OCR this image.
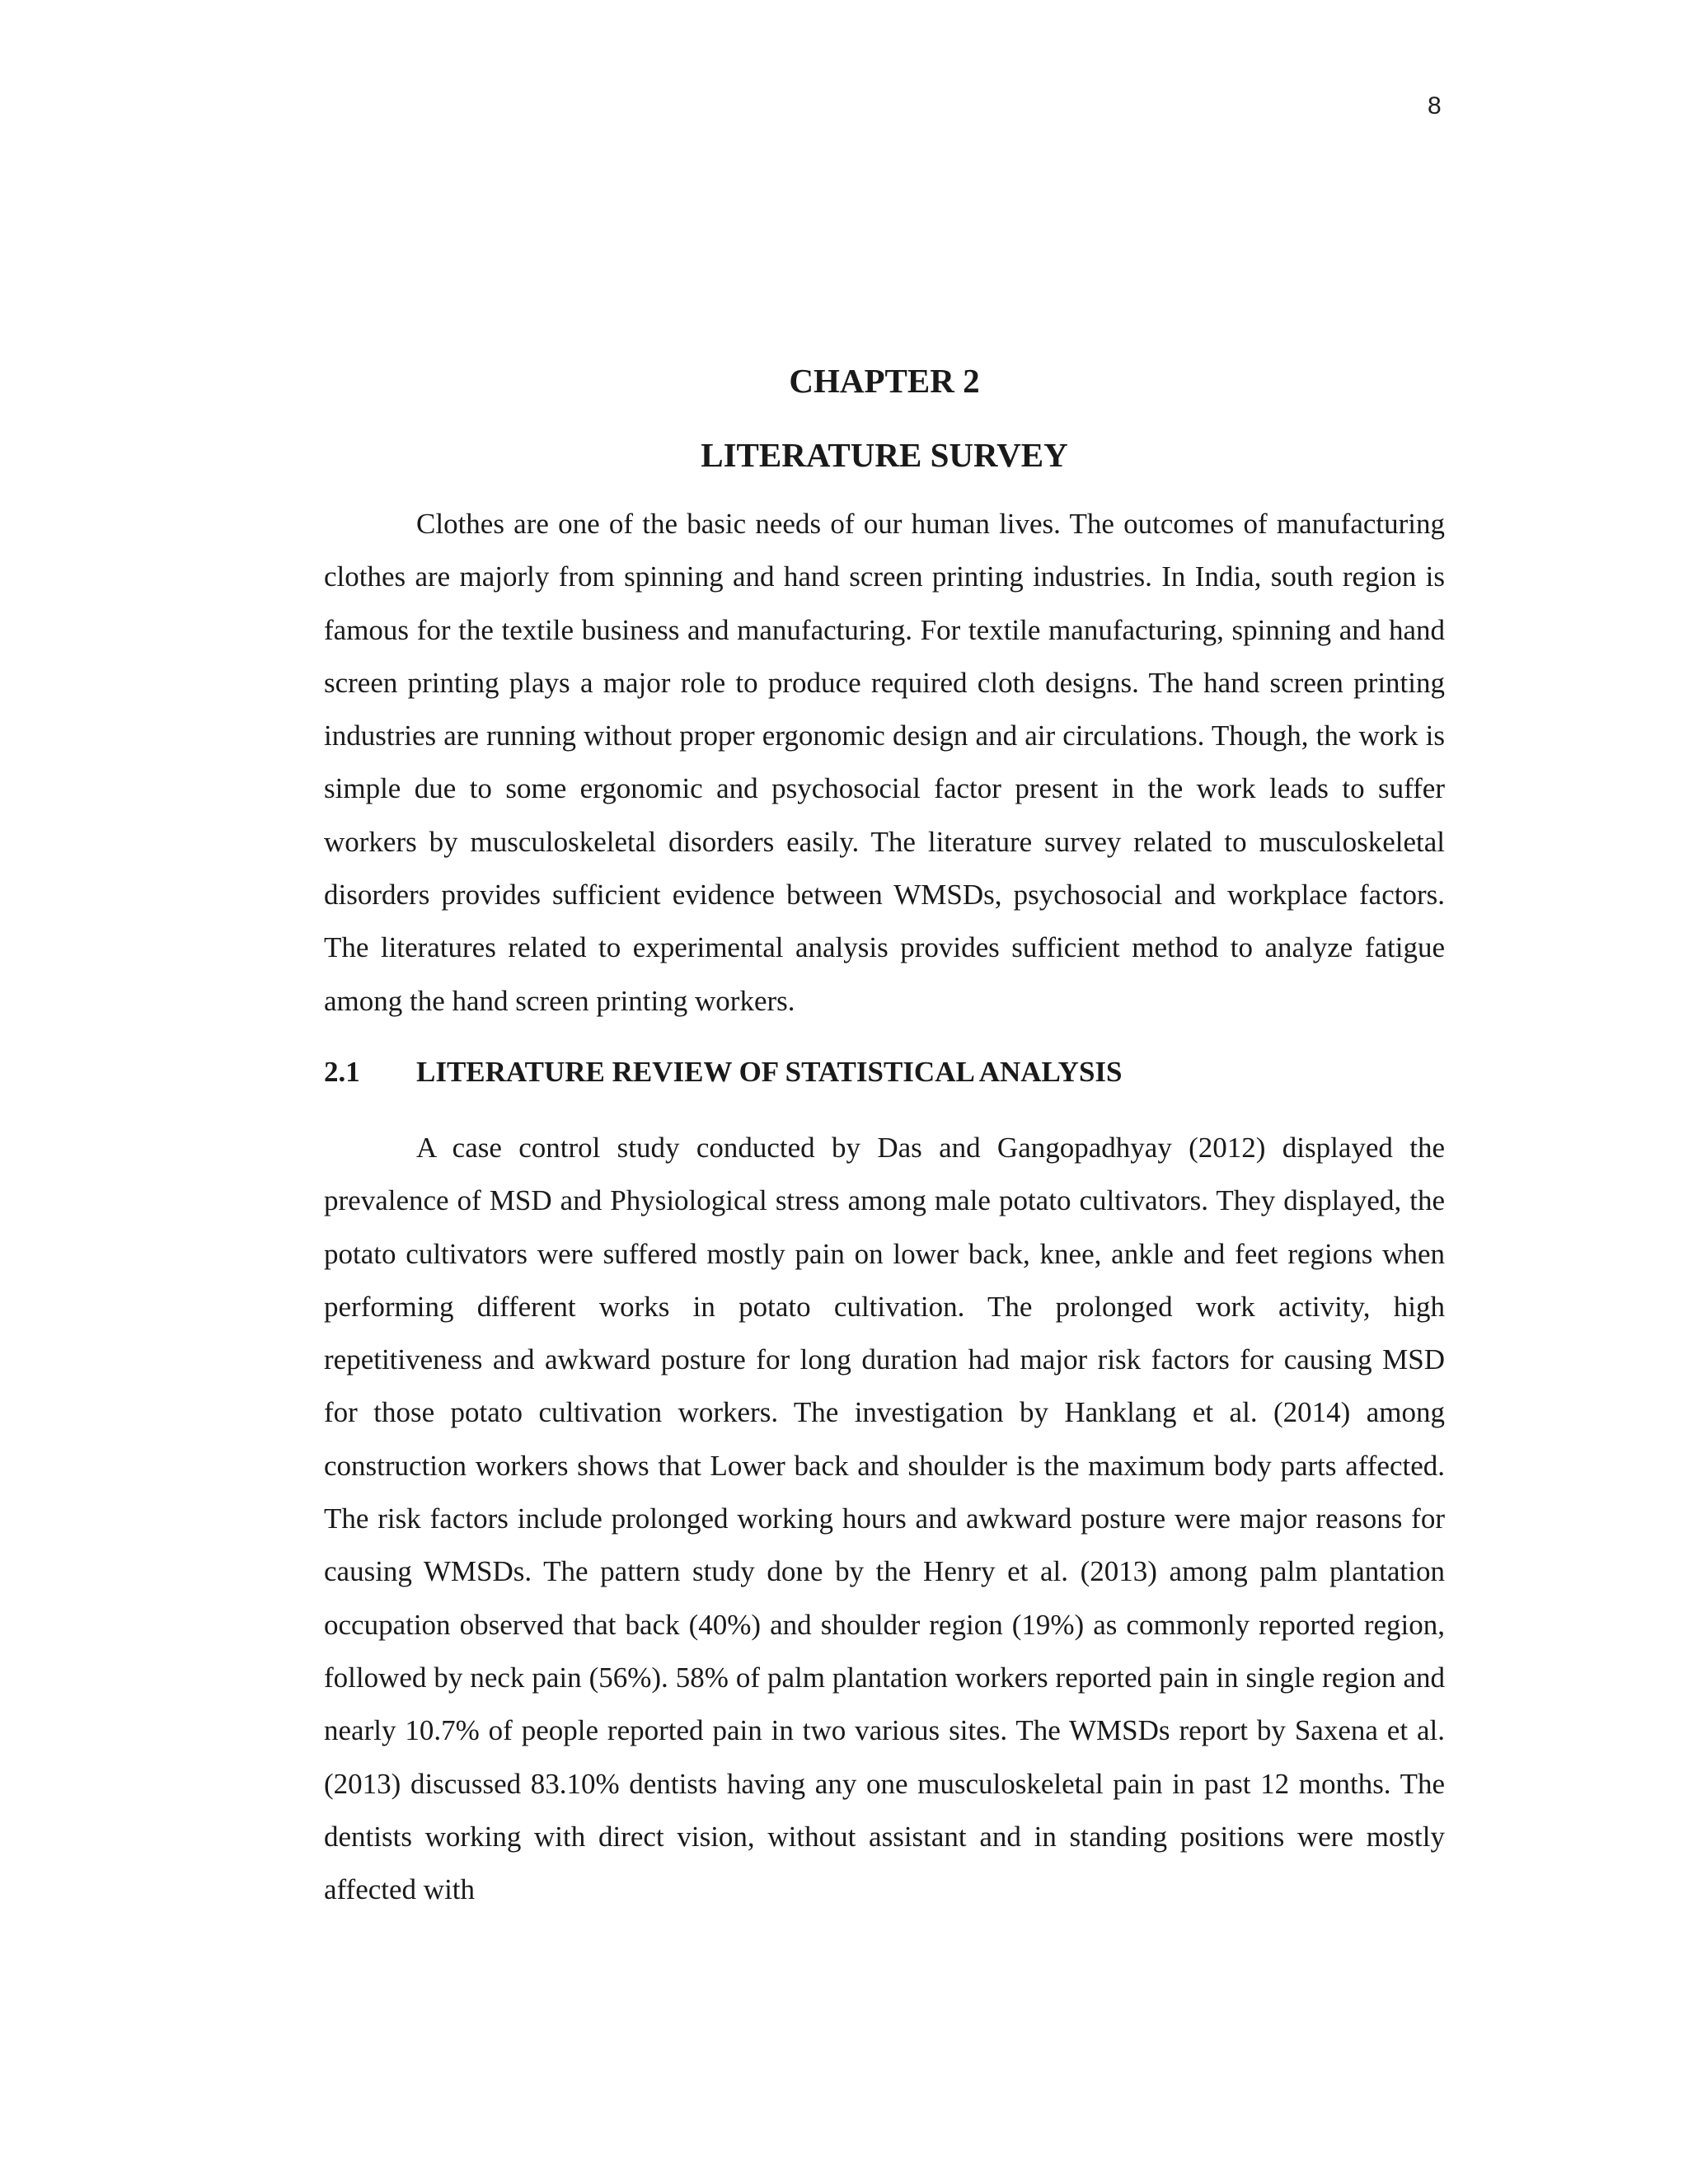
8
CHAPTER 2
LITERATURE SURVEY

Clothes are one of the basic needs of our human lives. The outcomes of manufacturing clothes are majorly from spinning and hand screen printing industries. In India, south region is famous for the textile business and manufacturing. For textile manufacturing, spinning and hand screen printing plays a major role to produce required cloth designs. The hand screen printing industries are running without proper ergonomic design and air circulations. Though, the work is simple due to some ergonomic and psychosocial factor present in the work leads to suffer workers by musculoskeletal disorders easily. The literature survey related to musculoskeletal disorders provides sufficient evidence between WMSDs, psychosocial and workplace factors. The literatures related to experimental analysis provides sufficient method to analyze fatigue among the hand screen printing workers.

2.1	LITERATURE REVIEW OF STATISTICAL ANALYSIS

A case control study conducted by Das and Gangopadhyay (2012) displayed the prevalence of MSD and Physiological stress among male potato cultivators. They displayed, the potato cultivators were suffered mostly pain on lower back, knee, ankle and feet regions when performing different works in potato cultivation. The prolonged work activity, high repetitiveness and awkward posture for long duration had major risk factors for causing MSD for those potato cultivation workers. The investigation by Hanklang et al. (2014) among construction workers shows that Lower back and shoulder is the maximum body parts affected. The risk factors include prolonged working hours and awkward posture were major reasons for causing WMSDs. The pattern study done by the Henry et al. (2013) among palm plantation occupation observed that back (40%) and shoulder region (19%) as commonly reported region, followed by neck pain (56%). 58% of palm plantation workers reported pain in single region and nearly 10.7% of people reported pain in two various sites. The WMSDs report by Saxena et al. (2013) discussed 83.10% dentists having any one musculoskeletal pain in past 12 months. The dentists working with direct vision, without assistant and in standing positions were mostly affected with
